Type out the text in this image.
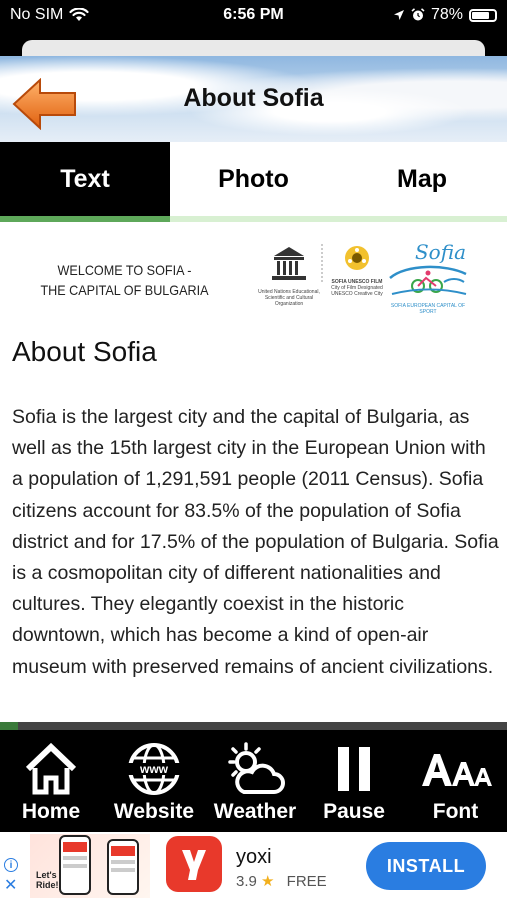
No SIM	6:56 PM	78%
About Sofia
Text	Photo	Map
WELCOME TO SOFIA -
THE CAPITAL OF BULGARIA	United Nations Educational, Scientific and Cultural Organization
SOFIA UNESCO FILM
City of Film Designated UNESCO Creative City
Sofia
SOFIA EUROPEAN CAPITAL OF SPORT
About Sofia

Sofia is the largest city and the capital of Bulgaria, as well as the 15th largest city in the European Union with a population of 1,291,591 people (2011 Census). Sofia citizens account for 83.5% of the population of Sofia district and for 17.5% of the population of Bulgaria. Sofia is a cosmopolitan city of different nationalities and cultures. They elegantly coexist in the historic downtown, which has become a kind of open-air museum with preserved remains of ancient civilizations.

Home
www
Website Weather	Pause	Font
i
✕
Let's Ride!
yoxi
3.9 ★ FREE
INSTALL
